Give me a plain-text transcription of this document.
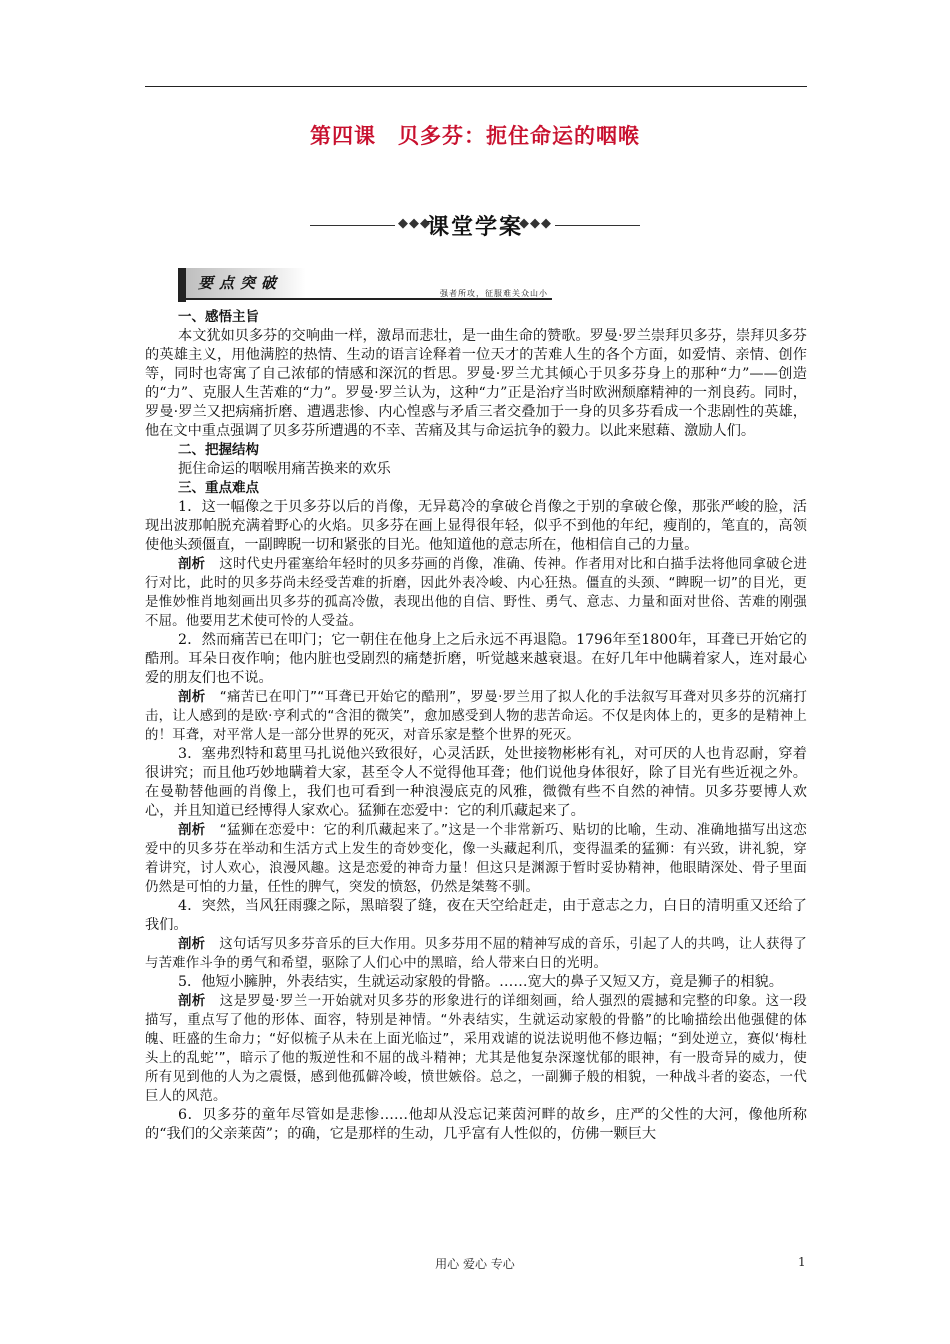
第四课 贝多芬：扼住命运的咽喉
◆◆◆
课堂学案
◆◆◆
要点突破
强者所攻，征服难关众山小

一、感悟主旨

本文犹如贝多芬的交响曲一样，激昂而悲壮，是一曲生命的赞歌。罗曼·罗兰崇拜贝多芬，崇拜贝多芬的英雄主义，用他满腔的热情、生动的语言诠释着一位天才的苦难人生的各个方面，如爱情、亲情、创作等，同时也寄寓了自己浓郁的情感和深沉的哲思。罗曼·罗兰尤其倾心于贝多芬身上的那种“力”——创造的“力”、克服人生苦难的“力”。罗曼·罗兰认为，这种“力”正是治疗当时欧洲颓靡精神的一剂良药。同时，罗曼·罗兰又把病痛折磨、遭遇悲惨、内心惶惑与矛盾三者交叠加于一身的贝多芬看成一个悲剧性的英雄，他在文中重点强调了贝多芬所遭遇的不幸、苦痛及其与命运抗争的毅力。以此来慰藉、激励人们。

二、把握结构

扼住命运的咽喉用痛苦换来的欢乐

三、重点难点

1．这一幅像之于贝多芬以后的肖像，无异葛冷的拿破仑肖像之于别的拿破仑像，那张严峻的脸，活现出波那帕脱充满着野心的火焰。贝多芬在画上显得很年轻，似乎不到他的年纪，瘦削的，笔直的，高领使他头颈僵直，一副睥睨一切和紧张的目光。他知道他的意志所在，他相信自己的力量。

剖析 这时代史丹霍塞给年轻时的贝多芬画的肖像，准确、传神。作者用对比和白描手法将他同拿破仑进行对比，此时的贝多芬尚未经受苦难的折磨，因此外表冷峻、内心狂热。僵直的头颈、“睥睨一切”的目光，更是惟妙惟肖地刻画出贝多芬的孤高冷傲，表现出他的自信、野性、勇气、意志、力量和面对世俗、苦难的刚强不屈。他要用艺术使可怜的人受益。

2．然而痛苦已在叩门；它一朝住在他身上之后永远不再退隐。1796年至1800年，耳聋已开始它的酷刑。耳朵日夜作响；他内脏也受剧烈的痛楚折磨，听觉越来越衰退。在好几年中他瞒着家人，连对最心爱的朋友们也不说。

剖析 “痛苦已在叩门”“耳聋已开始它的酷刑”，罗曼·罗兰用了拟人化的手法叙写耳聋对贝多芬的沉痛打击，让人感到的是欧·亨利式的“含泪的微笑”，愈加感受到人物的悲苦命运。不仅是肉体上的，更多的是精神上的！耳聋，对平常人是一部分世界的死灭，对音乐家是整个世界的死灭。

3．塞弗烈特和葛里马扎说他兴致很好，心灵活跃，处世接物彬彬有礼，对可厌的人也肯忍耐，穿着很讲究；而且他巧妙地瞒着大家，甚至令人不觉得他耳聋；他们说他身体很好，除了目光有些近视之外。在曼勒替他画的肖像上，我们也可看到一种浪漫底克的风雅，微微有些不自然的神情。贝多芬要博人欢心，并且知道已经博得人家欢心。猛狮在恋爱中：它的利爪藏起来了。

剖析 “猛狮在恋爱中：它的利爪藏起来了。”这是一个非常新巧、贴切的比喻，生动、准确地描写出这恋爱中的贝多芬在举动和生活方式上发生的奇妙变化，像一头藏起利爪，变得温柔的猛狮：有兴致，讲礼貌，穿着讲究，讨人欢心，浪漫风趣。这是恋爱的神奇力量！但这只是渊源于暂时妥协精神，他眼睛深处、骨子里面仍然是可怕的力量，任性的脾气，突发的愤怒，仍然是桀骜不驯。

4．突然，当风狂雨骤之际，黑暗裂了缝，夜在天空给赶走，由于意志之力，白日的清明重又还给了我们。

剖析 这句话写贝多芬音乐的巨大作用。贝多芬用不屈的精神写成的音乐，引起了人的共鸣，让人获得了与苦难作斗争的勇气和希望，驱除了人们心中的黑暗，给人带来白日的光明。

5．他短小臃肿，外表结实，生就运动家般的骨骼。……宽大的鼻子又短又方，竟是狮子的相貌。

剖析 这是罗曼·罗兰一开始就对贝多芬的形象进行的详细刻画，给人强烈的震撼和完整的印象。这一段描写，重点写了他的形体、面容，特别是神情。“外表结实，生就运动家般的骨骼”的比喻描绘出他强健的体魄、旺盛的生命力；“好似梳子从未在上面光临过”，采用戏谑的说法说明他不修边幅；“到处逆立，赛似‘梅杜头上的乱蛇’”，暗示了他的叛逆性和不屈的战斗精神；尤其是他复杂深邃忧郁的眼神，有一股奇异的威力，使所有见到他的人为之震慑，感到他孤僻冷峻，愤世嫉俗。总之，一副狮子般的相貌，一种战斗者的姿态，一代巨人的风范。

6．贝多芬的童年尽管如是悲惨……他却从没忘记莱茵河畔的故乡，庄严的父性的大河，像他所称的“我们的父亲莱茵”；的确，它是那样的生动，几乎富有人性似的，仿佛一颗巨大

用心 爱心 专心	1
